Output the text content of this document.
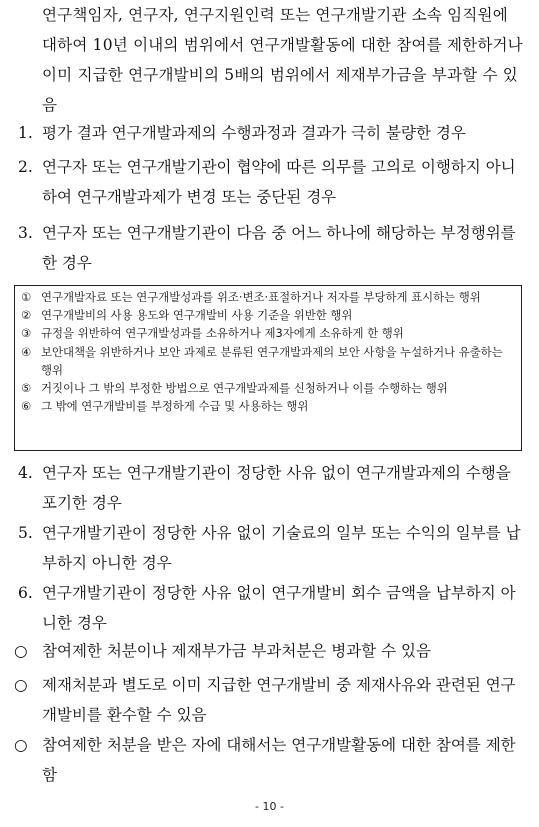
연구책임자, 연구자, 연구지원인력 또는 연구개발기관 소속 임직원에 대하여 10년 이내의 범위에서 연구개발활동에 대한 참여를 제한하거나 이미 지급한 연구개발비의 5배의 범위에서 제재부가금을 부과할 수 있음

1. 평가 결과 연구개발과제의 수행과정과 결과가 극히 불량한 경우
2. 연구자 또는 연구개발기관이 협약에 따른 의무를 고의로 이행하지 아니하여 연구개발과제가 변경 또는 중단된 경우
3. 연구자 또는 연구개발기관이 다음 중 어느 하나에 해당하는 부정행위를 한 경우
① 연구개발자료 또는 연구개발성과를 위조·변조·표절하거나 저자를 부당하게 표시하는 행위
② 연구개발비의 사용 용도와 연구개발비 사용 기준을 위반한 행위
③ 규정을 위반하여 연구개발성과를 소유하거나 제3자에게 소유하게 한 행위
④ 보안대책을 위반하거나 보안 과제로 분류된 연구개발과제의 보안 사항을 누설하거나 유출하는 행위
⑤ 거짓이나 그 밖의 부정한 방법으로 연구개발과제를 신청하거나 이를 수행하는 행위
⑥ 그 밖에 연구개발비를 부정하게 수급 및 사용하는 행위
4. 연구자 또는 연구개발기관이 정당한 사유 없이 연구개발과제의 수행을 포기한 경우
5. 연구개발기관이 정당한 사유 없이 기술료의 일부 또는 수익의 일부를 납부하지 아니한 경우
6. 연구개발기관이 정당한 사유 없이 연구개발비 회수 금액을 납부하지 아니한 경우
○ 참여제한 처분이나 제재부가금 부과처분은 병과할 수 있음
○ 제재처분과 별도로 이미 지급한 연구개발비 중 제재사유와 관련된 연구개발비를 환수할 수 있음
○ 참여제한 처분을 받은 자에 대해서는 연구개발활동에 대한 참여를 제한함
- 10 -
